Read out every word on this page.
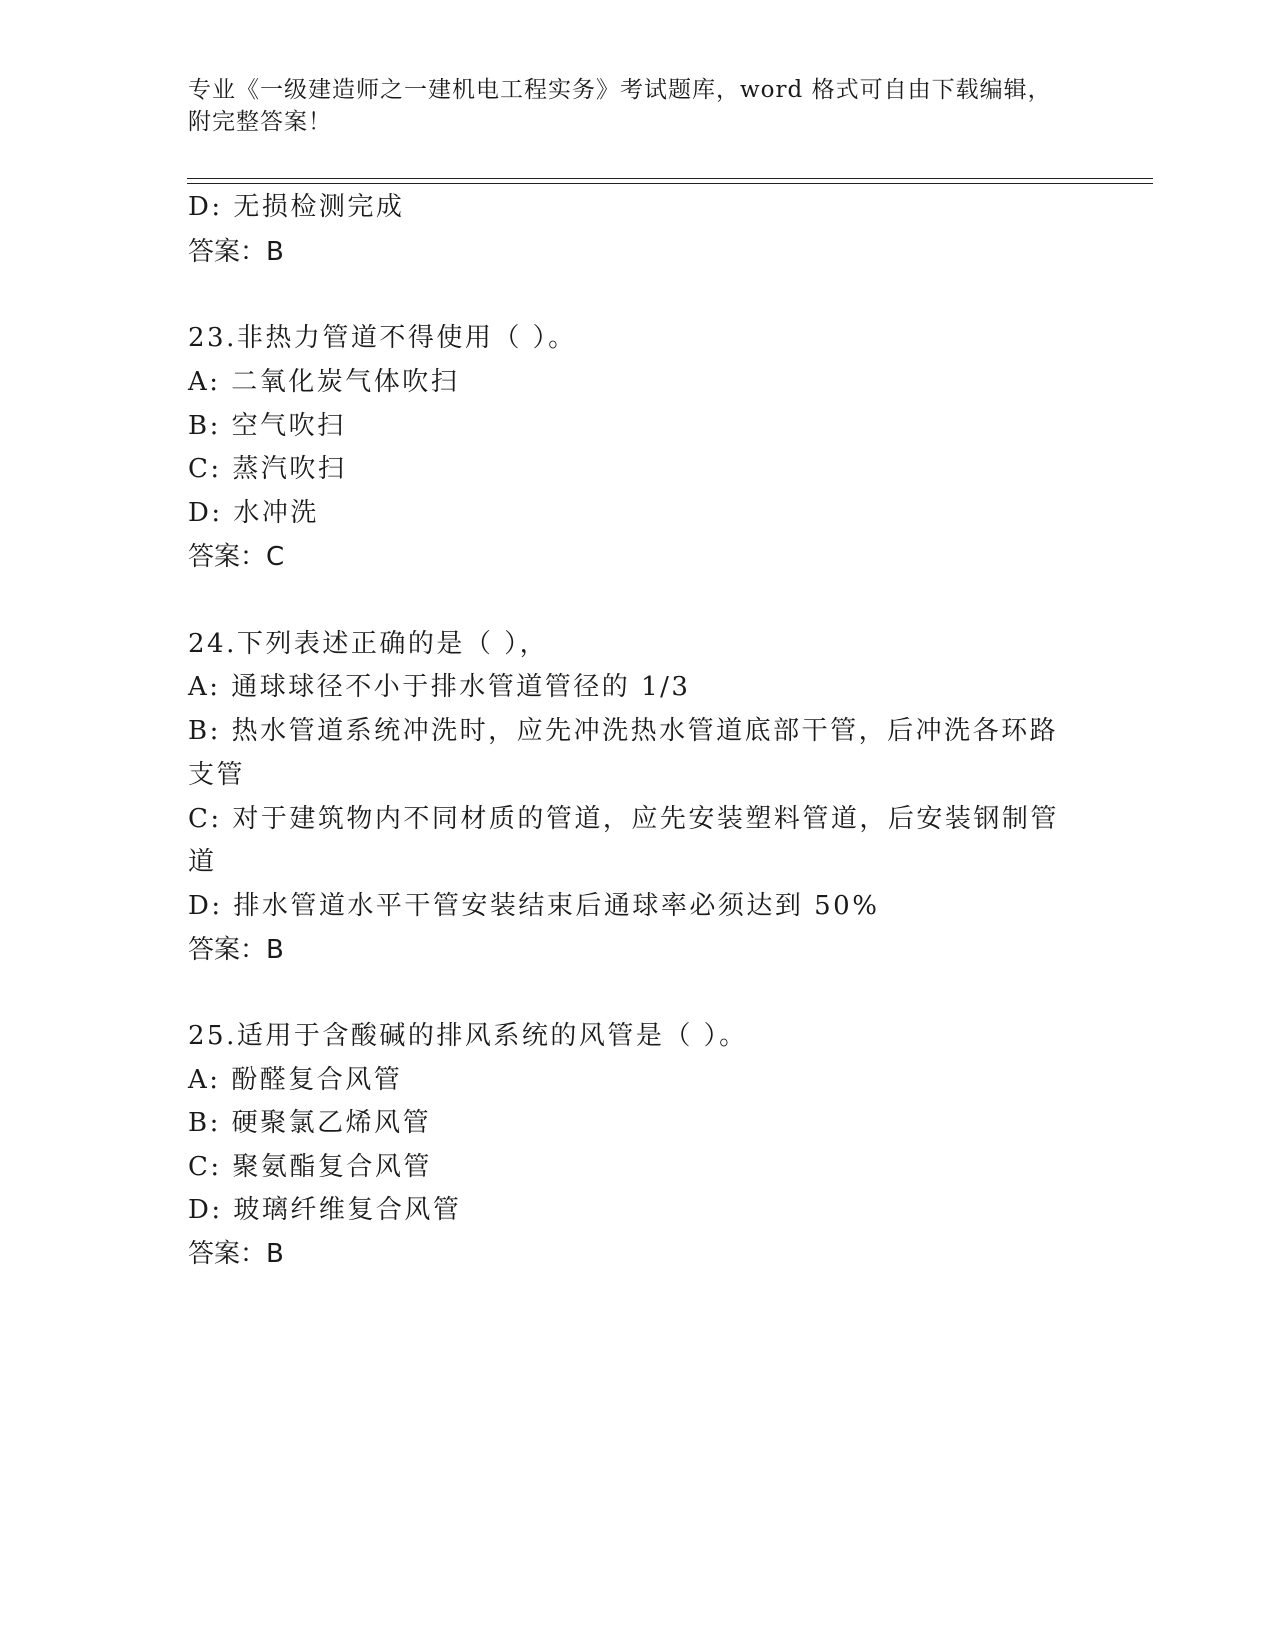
专业《一级建造师之一建机电工程实务》考试题库，word 格式可自由下载编辑，
附完整答案！
D: 无损检测完成
答案：B
23.非热力管道不得使用（ ）。
A: 二氧化炭气体吹扫
B: 空气吹扫
C: 蒸汽吹扫
D: 水冲洗
答案：C
24.下列表述正确的是（ ），
A: 通球球径不小于排水管道管径的 1/3
B: 热水管道系统冲洗时，应先冲洗热水管道底部干管，后冲洗各环路
支管
C: 对于建筑物内不同材质的管道，应先安装塑料管道，后安装钢制管
道
D: 排水管道水平干管安装结束后通球率必须达到 50%
答案：B
25.适用于含酸碱的排风系统的风管是（ ）。
A: 酚醛复合风管
B: 硬聚氯乙烯风管
C: 聚氨酯复合风管
D: 玻璃纤维复合风管
答案：B
